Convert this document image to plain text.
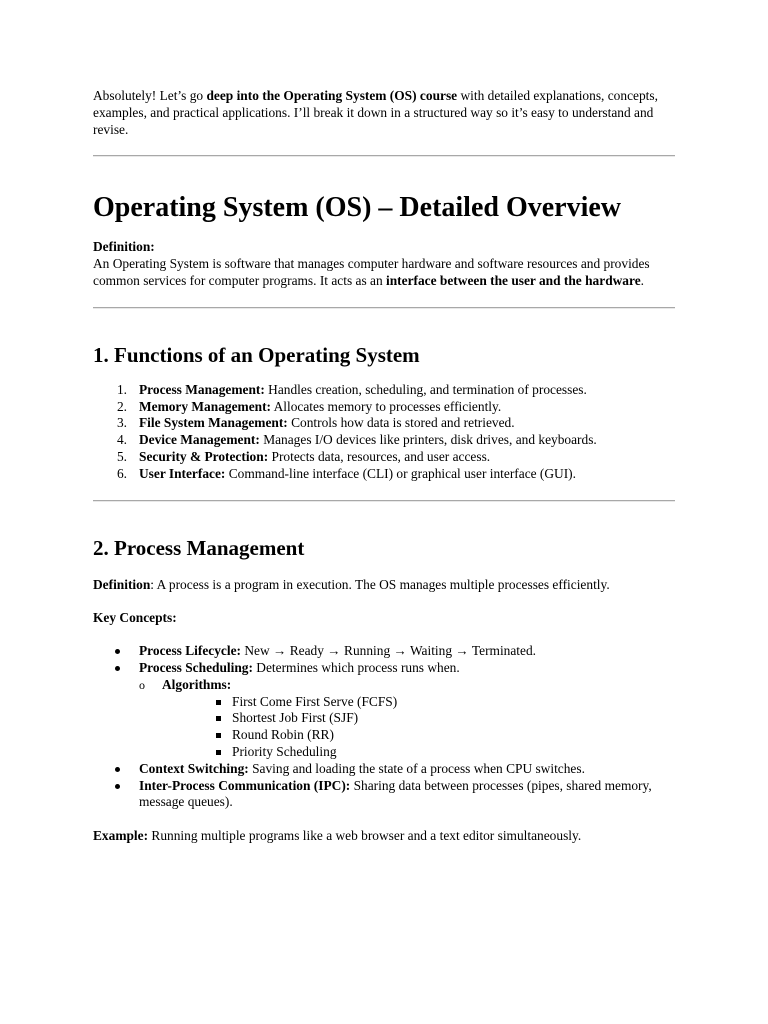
Absolutely! Let’s go deep into the Operating System (OS) course with detailed explanations, concepts, examples, and practical applications. I’ll break it down in a structured way so it’s easy to understand and revise.

Operating System (OS) – Detailed Overview

Definition:

An Operating System is software that manages computer hardware and software resources and provides common services for computer programs. It acts as an interface between the user and the hardware.

1. Functions of an Operating System
1. Process Management: Handles creation, scheduling, and termination of processes.
2. Memory Management: Allocates memory to processes efficiently.
3. File System Management: Controls how data is stored and retrieved.
4. Device Management: Manages I/O devices like printers, disk drives, and keyboards.
5. Security & Protection: Protects data, resources, and user access.
6. User Interface: Command-line interface (CLI) or graphical user interface (GUI).
2. Process Management

Definition: A process is a program in execution. The OS manages multiple processes efficiently.

Key Concepts:

Process Lifecycle: New → Ready → Running → Waiting → Terminated.
Process Scheduling: Determines which process runs when.
o Algorithms:
First Come First Serve (FCFS)
Shortest Job First (SJF)
Round Robin (RR)
Priority Scheduling
Context Switching: Saving and loading the state of a process when CPU switches.
Inter-Process Communication (IPC): Sharing data between processes (pipes, shared memory, message queues).

Example: Running multiple programs like a web browser and a text editor simultaneously.
